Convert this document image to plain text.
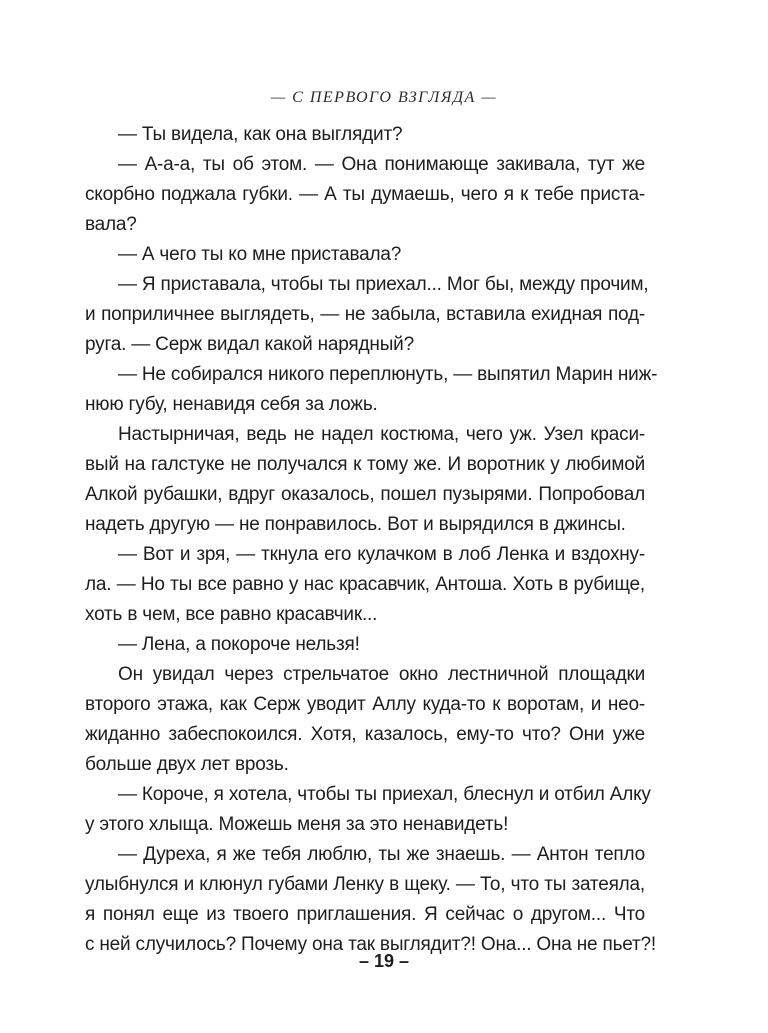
— С ПЕРВОГО ВЗГЛЯДА —
— Ты видела, как она выглядит?
— А-а-а, ты об этом. — Она понимающе закивала, тут же
скорбно поджала губки. — А ты думаешь, чего я к тебе приста-
вала?
— А чего ты ко мне приставала?
— Я приставала, чтобы ты приехал... Мог бы, между прочим,
и поприличнее выглядеть, — не забыла, вставила ехидная под-
руга. — Серж видал какой нарядный?
— Не собирался никого переплюнуть, — выпятил Марин ниж-
нюю губу, ненавидя себя за ложь.
Настырничая, ведь не надел костюма, чего уж. Узел краси-
вый на галстуке не получался к тому же. И воротник у любимой
Алкой рубашки, вдруг оказалось, пошел пузырями. Попробовал
надеть другую — не понравилось. Вот и вырядился в джинсы.
— Вот и зря, — ткнула его кулачком в лоб Ленка и вздохну-
ла. — Но ты все равно у нас красавчик, Антоша. Хоть в рубище,
хоть в чем, все равно красавчик...
— Лена, а покороче нельзя!
Он увидал через стрельчатое окно лестничной площадки
второго этажа, как Серж уводит Аллу куда-то к воротам, и нео-
жиданно забеспокоился. Хотя, казалось, ему-то что? Они уже
больше двух лет врозь.
— Короче, я хотела, чтобы ты приехал, блеснул и отбил Алку
у этого хлыща. Можешь меня за это ненавидеть!
— Дуреха, я же тебя люблю, ты же знаешь. — Антон тепло
улыбнулся и клюнул губами Ленку в щеку. — То, что ты затеяла,
я понял еще из твоего приглашения. Я сейчас о другом... Что
с ней случилось? Почему она так выглядит?! Она... Она не пьет?!
– 19 –
